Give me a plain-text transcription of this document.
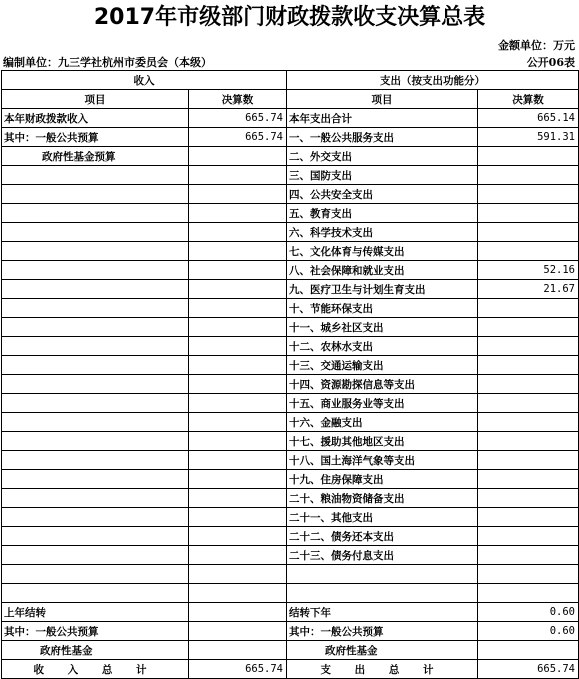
2017年市级部门财政拨款收支决算总表
金额单位：万元
编制单位：九三学社杭州市委员会（本级）	公开06表
收入		支出（按支出功能分）	
项目	决算数	项目	决算数
本年财政拨款收入	665.74	本年支出合计	665.14
其中：一般公共预算	665.74	一、一般公共服务支出	591.31
政府性基金预算		二、外交支出	
		三、国防支出	
		四、公共安全支出	
		五、教育支出	
		六、科学技术支出	
		七、文化体育与传媒支出	
		八、社会保障和就业支出	52.16
		九、医疗卫生与计划生育支出	21.67
		十、节能环保支出	
		十一、城乡社区支出	
		十二、农林水支出	
		十三、交通运输支出	
		十四、资源勘探信息等支出	
		十五、商业服务业等支出	
		十六、金融支出	
		十七、援助其他地区支出	
		十八、国土海洋气象等支出	
		十九、住房保障支出	
		二十、粮油物资储备支出	
		二十一、其他支出	
		二十二、债务还本支出	
		二十三、债务付息支出	

上年结转		结转下年	0.60
其中：一般公共预算		其中：一般公共预算	0.60
政府性基金		政府性基金	
收 入 总 计	665.74	支 出 总 计	665.74
